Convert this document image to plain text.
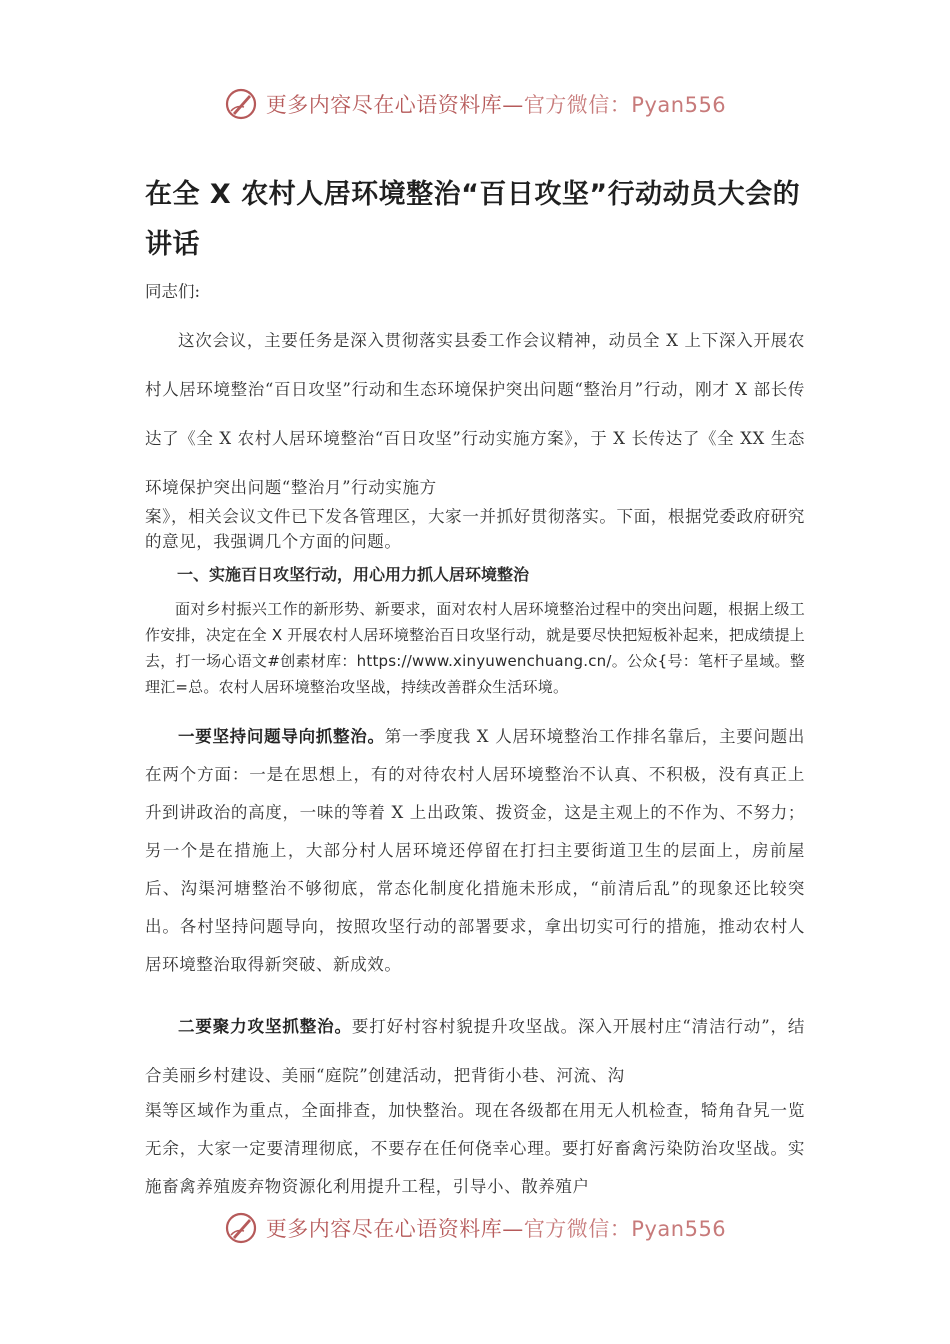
更多内容尽在心语资料库—官方微信：Pyan556
在全 X 农村人居环境整治“百日攻坚”行动动员大会的讲话
同志们:

这次会议，主要任务是深入贯彻落实县委工作会议精神，动员全 X 上下深入开展农村人居环境整治“百日攻坚”行动和生态环境保护突出问题“整治月”行动，刚才 X 部长传达了《全 X 农村人居环境整治“百日攻坚”行动实施方案》，于 X 长传达了《全 XX 生态环境保护突出问题“整治月”行动实施方

案》，相关会议文件已下发各管理区，大家一并抓好贯彻落实。下面，根据党委政府研究的意见，我强调几个方面的问题。

一、实施百日攻坚行动，用心用力抓人居环境整治

面对乡村振兴工作的新形势、新要求，面对农村人居环境整治过程中的突出问题，根据上级工作安排，决定在全 X 开展农村人居环境整治百日攻坚行动，就是要尽快把短板补起来，把成绩提上去，打一场心语文#创素材库：https://www.xinyuwenchuang.cn/。公众{号：笔杆子星域。整理汇=总。农村人居环境整治攻坚战，持续改善群众生活环境。

一要坚持问题导向抓整治。第一季度我 X 人居环境整治工作排名靠后，主要问题出在两个方面：一是在思想上，有的对待农村人居环境整治不认真、不积极，没有真正上升到讲政治的高度，一味的等着 X 上出政策、拨资金，这是主观上的不作为、不努力；另一个是在措施上，大部分村人居环境还停留在打扫主要街道卫生的层面上，房前屋后、沟渠河塘整治不够彻底，常态化制度化措施未形成，“前清后乱”的现象还比较突出。各村坚持问题导向，按照攻坚行动的部署要求，拿出切实可行的措施，推动农村人居环境整治取得新突破、新成效。

二要聚力攻坚抓整治。要打好村容村貌提升攻坚战。深入开展村庄“清洁行动”，结合美丽乡村建设、美丽“庭院”创建活动，把背街小巷、河流、沟

渠等区域作为重点，全面排查，加快整治。现在各级都在用无人机检查，犄角旮旯一览无余，大家一定要清理彻底，不要存在任何侥幸心理。要打好畜禽污染防治攻坚战。实施畜禽养殖废弃物资源化利用提升工程，引导小、散养殖户

更多内容尽在心语资料库—官方微信：Pyan556
